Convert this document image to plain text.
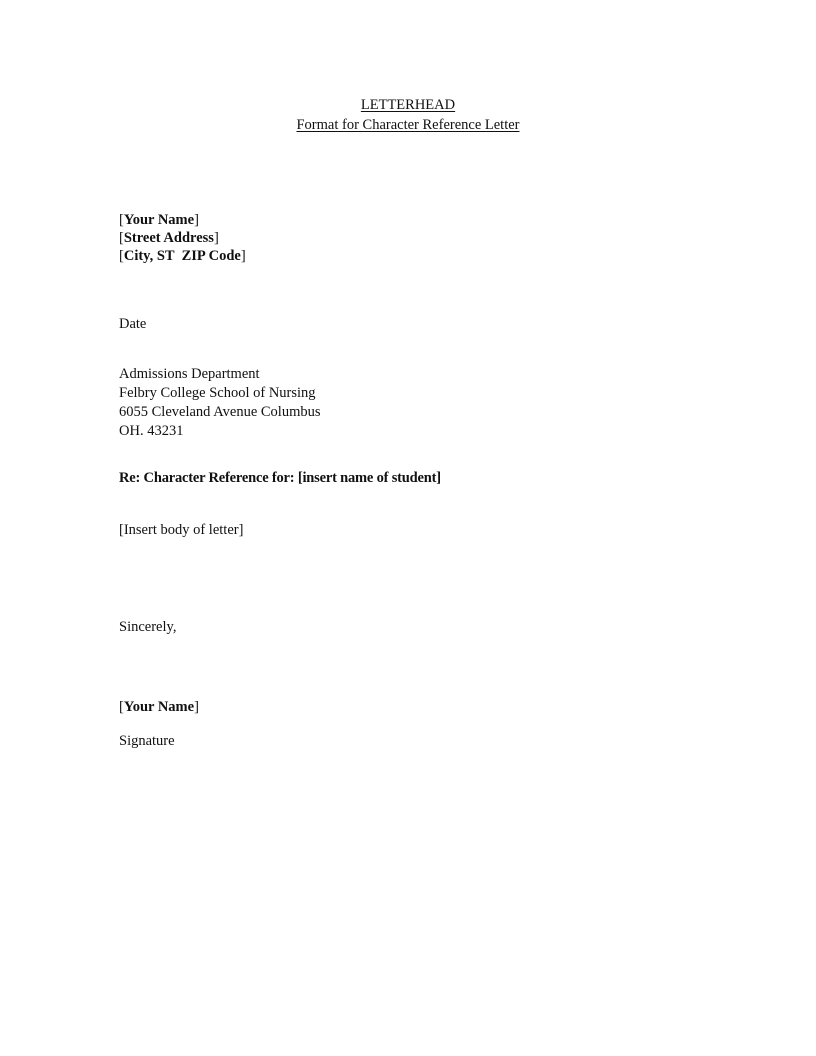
LETTERHEAD
Format for Character Reference Letter
[Your Name]
[Street Address]
[City, ST  ZIP Code]
Date
Admissions Department
Felbry College School of Nursing
6055 Cleveland Avenue Columbus
OH. 43231
Re: Character Reference for: [insert name of student]
[Insert body of letter]
Sincerely,
[Your Name]
Signature
